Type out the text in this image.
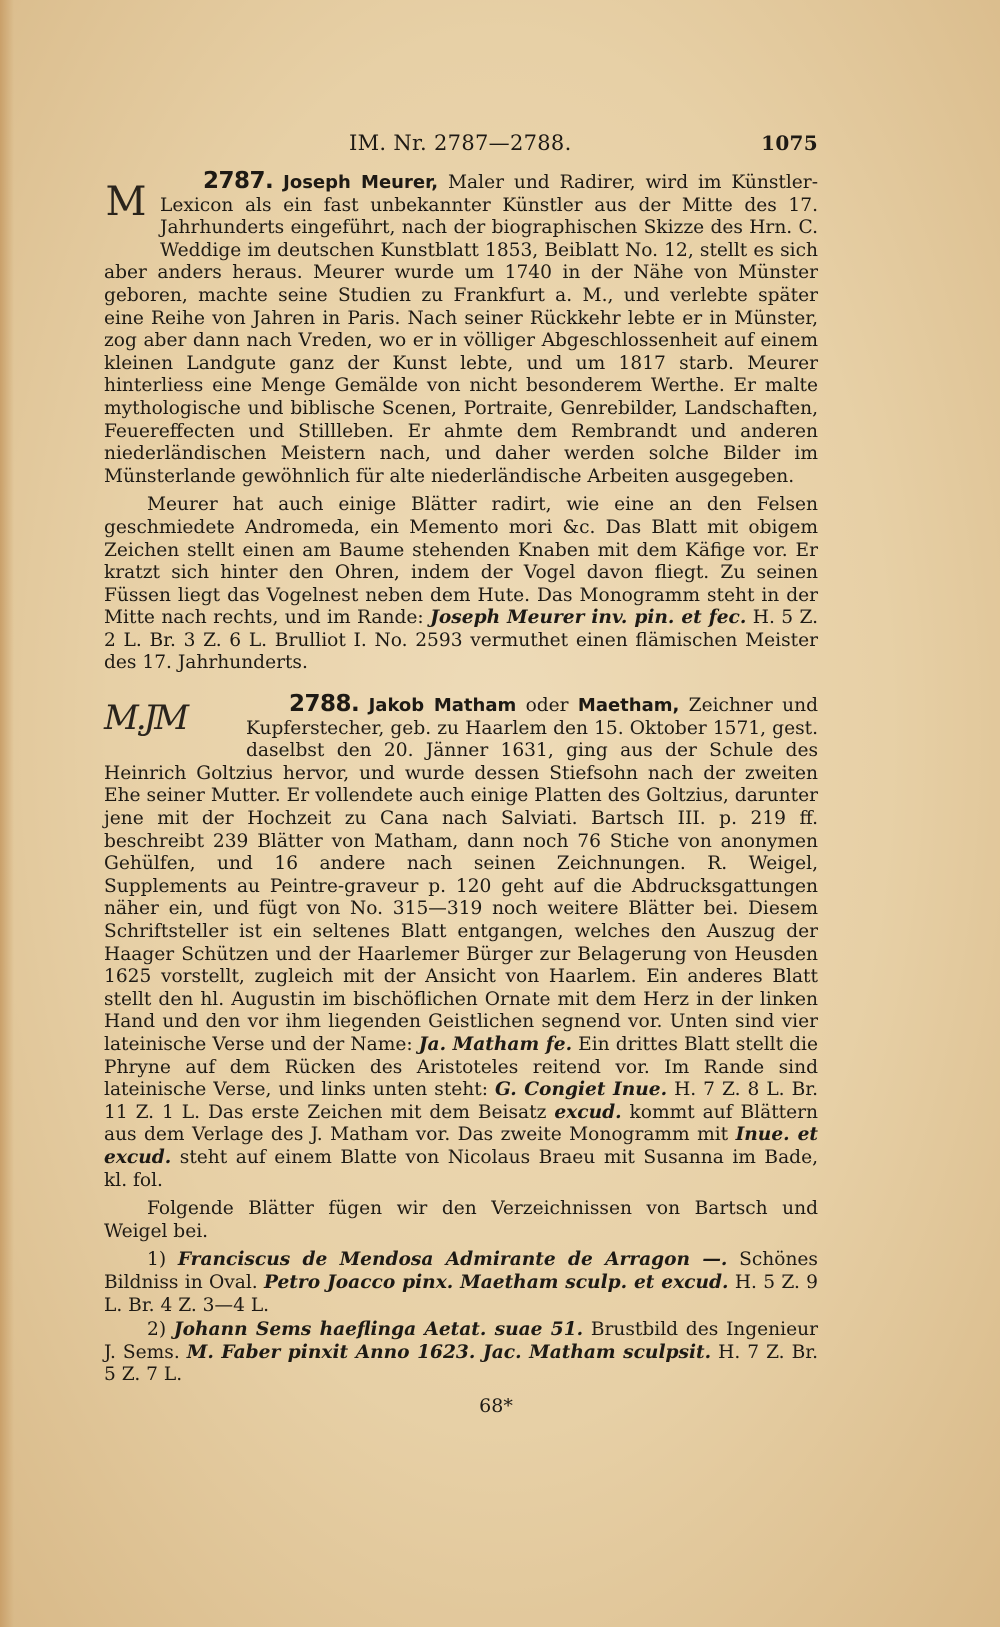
IM. Nr. 2787—2788.	1075

2787. Joseph Meurer,
M	Maler und Radirer, wird im Künstler-Lexicon als ein fast unbekannter Künstler aus der Mitte des 17. Jahrhunderts eingeführt, nach der biographischen Skizze des Hrn. C. Weddige im deutschen Kunstblatt 1853, Beiblatt No. 12, stellt es sich aber anders heraus. Meurer wurde um 1740 in der Nähe von Münster geboren, machte seine Studien zu Frankfurt a. M., und verlebte später eine Reihe von Jahren in Paris. Nach seiner Rückkehr lebte er in Münster, zog aber dann nach Vreden, wo er in völliger Abgeschlossenheit auf einem kleinen Landgute ganz der Kunst lebte, und um 1817 starb. Meurer hinterliess eine Menge Gemälde von nicht besonderem Werthe. Er malte mythologische und biblische Scenen, Portraite, Genrebilder, Landschaften, Feuereffecten und Stillleben. Er ahmte dem Rembrandt und anderen niederländischen Meistern nach, und daher werden solche Bilder im Münsterlande gewöhnlich für alte niederländische Arbeiten ausgegeben.

Meurer hat auch einige Blätter radirt, wie eine an den Felsen geschmiedete Andromeda, ein Memento mori &c. Das Blatt mit obigem Zeichen stellt einen am Baume stehenden Knaben mit dem Käfige vor. Er kratzt sich hinter den Ohren, indem der Vogel davon fliegt. Zu seinen Füssen liegt das Vogelnest neben dem Hute. Das Monogramm steht in der Mitte nach rechts, und im Rande: Joseph Meurer inv. pin. et fec. H. 5 Z. 2 L. Br. 3 Z. 6 L. Brulliot I. No. 2593 vermuthet einen flämischen Meister des 17. Jahrhunderts.

2788. Jakob Matham oder Maetham,
M.JM	Zeichner und Kupferstecher, geb. zu Haarlem den 15. Oktober 1571, gest. daselbst den 20. Jänner 1631, ging aus der Schule des Heinrich Goltzius hervor, und wurde dessen Stiefsohn nach der zweiten Ehe seiner Mutter. Er vollendete auch einige Platten des Goltzius, darunter jene mit der Hochzeit zu Cana nach Salviati. Bartsch III. p. 219 ff. beschreibt 239 Blätter von Matham, dann noch 76 Stiche von anonymen Gehülfen, und 16 andere nach seinen Zeichnungen. R. Weigel, Supplements au Peintre-graveur p. 120 geht auf die Abdrucksgattungen näher ein, und fügt von No. 315—319 noch weitere Blätter bei. Diesem Schriftsteller ist ein seltenes Blatt entgangen, welches den Auszug der Haager Schützen und der Haarlemer Bürger zur Belagerung von Heusden 1625 vorstellt, zugleich mit der Ansicht von Haarlem. Ein anderes Blatt stellt den hl. Augustin im bischöflichen Ornate mit dem Herz in der linken Hand und den vor ihm liegenden Geistlichen segnend vor. Unten sind vier lateinische Verse und der Name: Ja. Matham fe. Ein drittes Blatt stellt die Phryne auf dem Rücken des Aristoteles reitend vor. Im Rande sind lateinische Verse, und links unten steht: G. Congiet Inue. H. 7 Z. 8 L. Br. 11 Z. 1 L. Das erste Zeichen mit dem Beisatz excud. kommt auf Blättern aus dem Verlage des J. Matham vor. Das zweite Monogramm mit Inue. et excud. steht auf einem Blatte von Nicolaus Braeu mit Susanna im Bade, kl. fol.

Folgende Blätter fügen wir den Verzeichnissen von Bartsch und Weigel bei.

1) Franciscus de Mendosa Admirante de Arragon —. Schönes Bildniss in Oval. Petro Joacco pinx. Maetham sculp. et excud. H. 5 Z. 9 L. Br. 4 Z. 3—4 L.

2) Johann Sems haeflinga Aetat. suae 51. Brustbild des Ingenieur J. Sems. M. Faber pinxit Anno 1623. Jac. Matham sculpsit. H. 7 Z. Br. 5 Z. 7 L.

68*
